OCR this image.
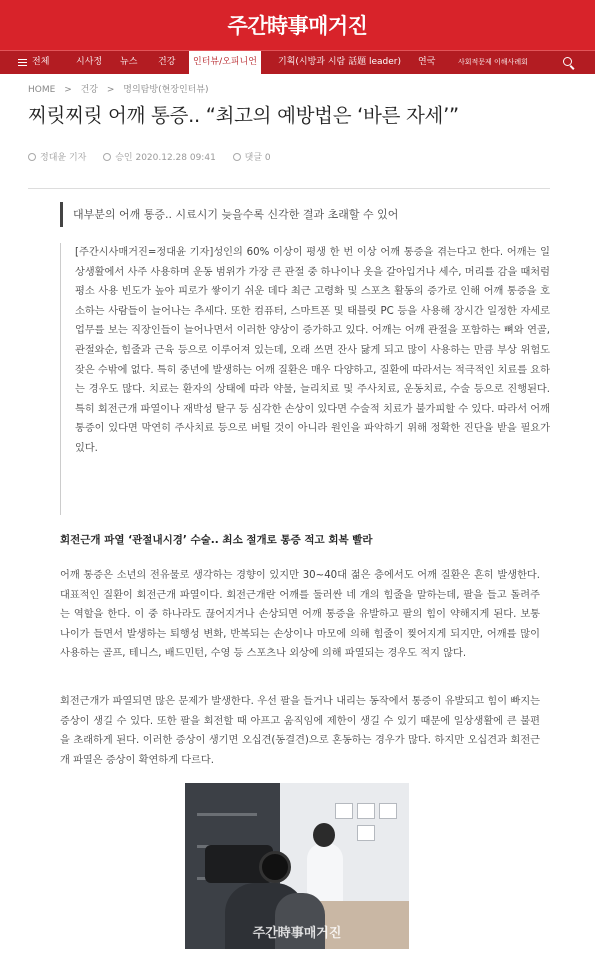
주간時事매거진
전체	시사정 뉴스 건강	인터뷰/오피니언	기획(시방과 시람 話題 leader) 연국	사회적문제 이해사례회
HOME > 건강 > 명의탐방(현장인터뷰)
찌릿찌릿 어깨 통증.. “최고의 예방법은 ‘바른 자세’”
정대윤 기자	승인 2020.12.28 09:41	댓글 0
대부분의 어깨 통증.. 시료시기 늦을수록 신각한 결과 초래할 수 있어
[주간시사매거진=정대윤 기자]성인의 60% 이상이 평생 한 번 이상 어깨 통증을 겪는다고 한다. 어깨는 일상생활에서 사주 사용하며 운동 범위가 가장 큰 관절 중 하나이나 옷을 갈아입거나 세수, 머리를 감을 때처럼 평소 사용 빈도가 높아 피로가 쌓이기 쉬운 데다 최근 고령화 및 스포츠 활동의 증가로 인해 어깨 통증을 호소하는 사람들이 늘어나는 추세다. 또한 컴퓨터, 스마트폰 및 태블릿 PC 등을 사용해 장시간 일정한 자세로 업무를 보는 직장인들이 늘어나면서 이러한 양상이 증가하고 있다. 어깨는 어깨 관절을 포함하는 뼈와 연골, 관절와순, 힘줄과 근육 등으로 이루어져 있는데, 오래 쓰면 잔사 닳게 되고 많이 사용하는 만큼 부상 위험도 잦은 수밖에 없다. 특히 중년에 발생하는 어깨 질환은 매우 다양하고, 질환에 따라서는 적극적인 치료를 요하는 경우도 많다. 치료는 환자의 상태에 따라 약물, 늘리치료 및 주사치료, 운동치료, 수술 등으로 진행된다. 특히 회전근개 파열이나 재박성 탈구 등 심각한 손상이 있다면 수술적 치료가 불가피할 수 있다. 따라서 어깨 통증이 있다면 막연히 주사치료 등으로 버틸 것이 아니라 원인을 파악하기 위해 정확한 진단을 받을 필요가 있다.
회전근개 파열 ‘관절내시경’ 수술.. 최소 절개로 통증 적고 회복 빨라
어깨 통증은 소년의 전유물로 생각하는 경향이 있지만 30~40대 젊은 층에서도 어깨 질환은 흔히 발생한다. 대표적인 질환이 회전근개 파열이다. 회전근개란 어깨를 둘러싼 네 개의 힘줄을 말하는데, 팔을 들고 돌려주는 역할을 한다. 이 중 하나라도 끊어지거나 손상되면 어깨 통증을 유발하고 팔의 힘이 약해지게 된다. 보통 나이가 들면서 발생하는 퇴행성 변화, 반복되는 손상이나 마모에 의해 힘줄이 찢어지게 되지만, 어깨를 많이 사용하는 골프, 테니스, 배드민턴, 수영 등 스포츠나 외상에 의해 파열되는 경우도 적지 않다.
회전근개가 파열되면 많은 문제가 발생한다. 우선 팔을 들거나 내리는 동작에서 통증이 유발되고 힘이 빠지는 증상이 생길 수 있다. 또한 팔을 회전할 때 아프고 움직임에 제한이 생길 수 있기 때문에 일상생활에 큰 불편을 초래하게 된다. 이러한 증상이 생기면 오십견(동결견)으로 혼동하는 경우가 많다. 하지만 오십견과 회전근개 파열은 증상이 확연하게 다르다.
주간時事매거진
